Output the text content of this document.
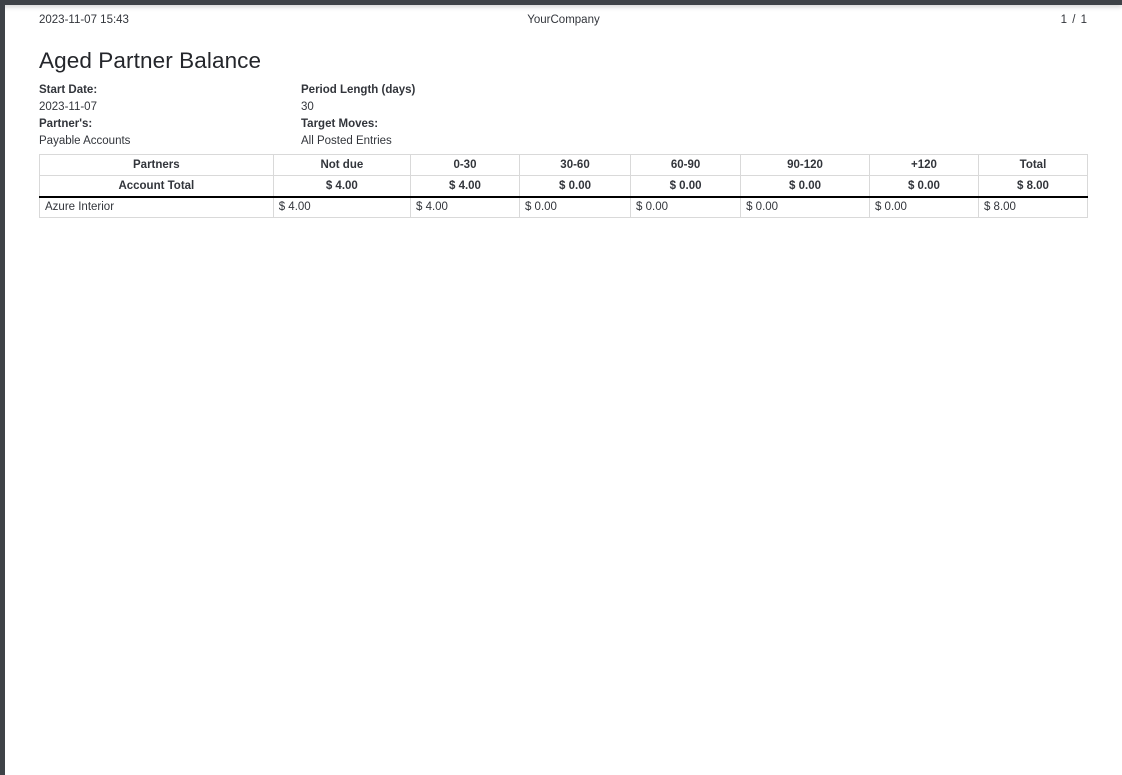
2023-11-07 15:43	YourCompany	1 / 1
Aged Partner Balance
Start Date:	Period Length (days)
2023-11-07	30
Partner's:	Target Moves:
Payable Accounts	All Posted Entries
Partners	Not due	0-30	30-60	60-90	90-120	+120	Total
Account Total	$ 4.00	$ 4.00	$ 0.00	$ 0.00	$ 0.00	$ 0.00	$ 8.00
Azure Interior	$ 4.00	$ 4.00	$ 0.00	$ 0.00	$ 0.00	$ 0.00	$ 8.00
